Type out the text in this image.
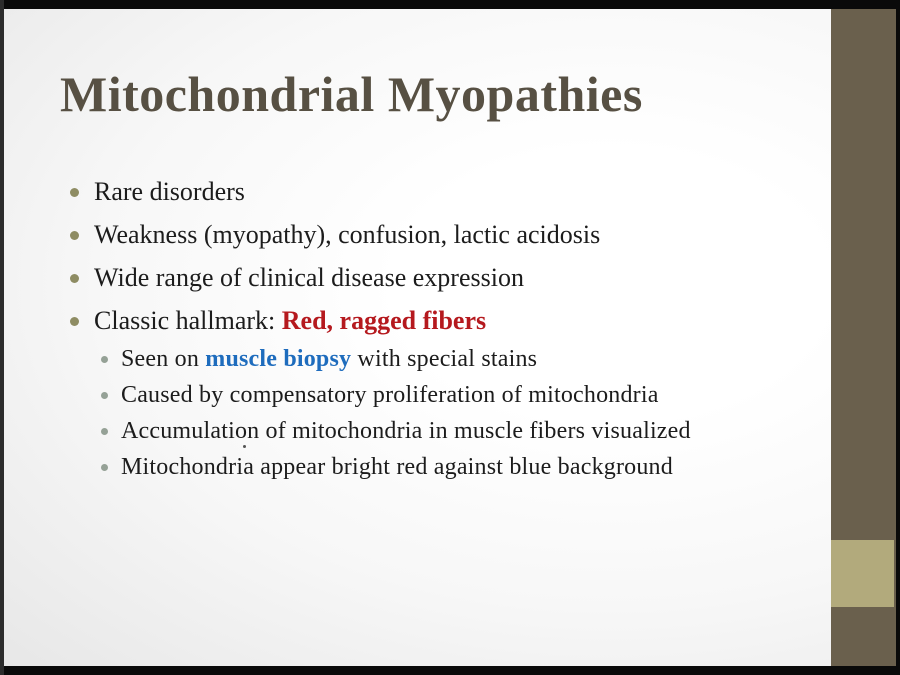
Mitochondrial Myopathies
Rare disorders
Weakness (myopathy), confusion, lactic acidosis
Wide range of clinical disease expression
Classic hallmark: Red, ragged fibers
Seen on muscle biopsy with special stains
Caused by compensatory proliferation of mitochondria
Accumulation of mitochondria in muscle fibers visualized
Mitochondria appear bright red against blue background
